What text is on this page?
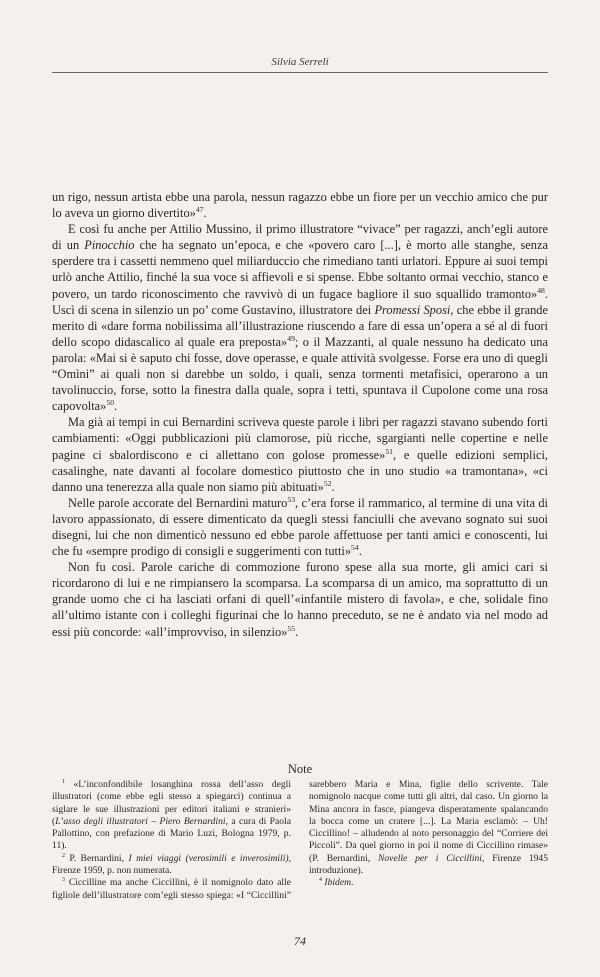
Silvia Serreli

un rigo, nessun artista ebbe una parola, nessun ragazzo ebbe un fiore per un vecchio amico che pur lo aveva un giorno divertito»$^{47}$.

E così fu anche per Attilio Mussino, il primo illustratore “vivace” per ragazzi, anch’egli autore di un Pinocchio che ha segnato un’epoca, e che «povero caro [...], è morto alle stanghe, senza sperdere tra i cassetti nemmeno quel miliarduccio che rimediano tanti urlatori. Eppure ai suoi tempi urlò anche Attilio, finché la sua voce si affievolì e si spense. Ebbe soltanto ormai vecchio, stanco e povero, un tardo riconoscimento che ravvivò di un fugace bagliore il suo squallido tramonto»$^{48}$. Uscì di scena in silenzio un po’ come Gustavino, illustratore dei Promessi Sposi, che ebbe il grande merito di «dare forma nobilissima all’illustrazione riuscendo a fare di essa un’opera a sé al di fuori dello scopo didascalico al quale era preposta»$^{49}$; o il Mazzanti, al quale nessuno ha dedicato una parola: «Mai si è saputo chi fosse, dove operasse, e quale attività svolgesse. Forse era uno di quegli “Omìni” ai quali non si darebbe un soldo, i quali, senza tormenti metafisici, operarono a un tavolinuccio, forse, sotto la finestra dalla quale, sopra i tetti, spuntava il Cupolone come una rosa capovolta»$^{50}$.

Ma già ai tempi in cui Bernardini scriveva queste parole i libri per ragazzi stavano subendo forti cambiamenti: «Oggi pubblicazioni più clamorose, più ricche, sgargianti nelle copertine e nelle pagine ci sbalordiscono e ci allettano con golose promesse»$^{51}$, e quelle edizioni semplici, casalinghe, nate davanti al focolare domestico piuttosto che in uno studio «a tramontana», «ci danno una tenerezza alla quale non siamo più abituati»$^{52}$.

Nelle parole accorate del Bernardini maturo$^{53}$, c’era forse il rammarico, al termine di una vita di lavoro appassionato, di essere dimenticato da quegli stessi fanciulli che avevano sognato sui suoi disegni, lui che non dimenticò nessuno ed ebbe parole affettuose per tanti amici e conoscenti, lui che fu «sempre prodigo di consigli e suggerimenti con tutti»$^{54}$.

Non fu così. Parole cariche di commozione furono spese alla sua morte, gli amici cari si ricordarono di lui e ne rimpiansero la scomparsa. La scomparsa di un amico, ma soprattutto di un grande uomo che ci ha lasciati orfani di quell’«infantile mistero di favola», e che, solidale fino all’ultimo istante con i colleghi figurinai che lo hanno preceduto, se ne è andato via nel modo ad essi più concorde: «all’improvviso, in silenzio»$^{55}$.

Note

$^1$ «L’inconfondibile losanghina rossa dell’asso degli illustratori (come ebbe egli stesso a spiegarci) continua a siglare le sue illustrazioni per editori italiani e stranieri» (L’asso degli illustratori – Piero Bernardini, a cura di Paola Pallottino, con prefazione di Mario Luzi, Bologna 1979, p. 11).

$^2$ P. Bernardini, I miei viaggi (verosimili e inverosimili), Firenze 1959, p. non numerata.

$^3$ Ciccilline ma anche Ciccillini, è il nomignolo dato alle figliole dell’illustratore com’egli stesso spiega: «I “Ciccillini” sarebbero Maria e Mina, figlie dello scrivente. Tale nomignolo nacque come tutti gli altri, dal caso. Un giorno la Mina ancora in fasce, piangeva disperatamente spalancando la bocca come un cratere [...]. La Maria esclamò: – Uh! Ciccillino! – alludendo al noto personaggio del “Corriere dei Piccoli”. Da quel giorno in poi il nome di Ciccillino rimase» (P. Bernardini, Novelle per i Ciccillini, Firenze 1945 introduzione).

$^4$ Ibidem.

74
